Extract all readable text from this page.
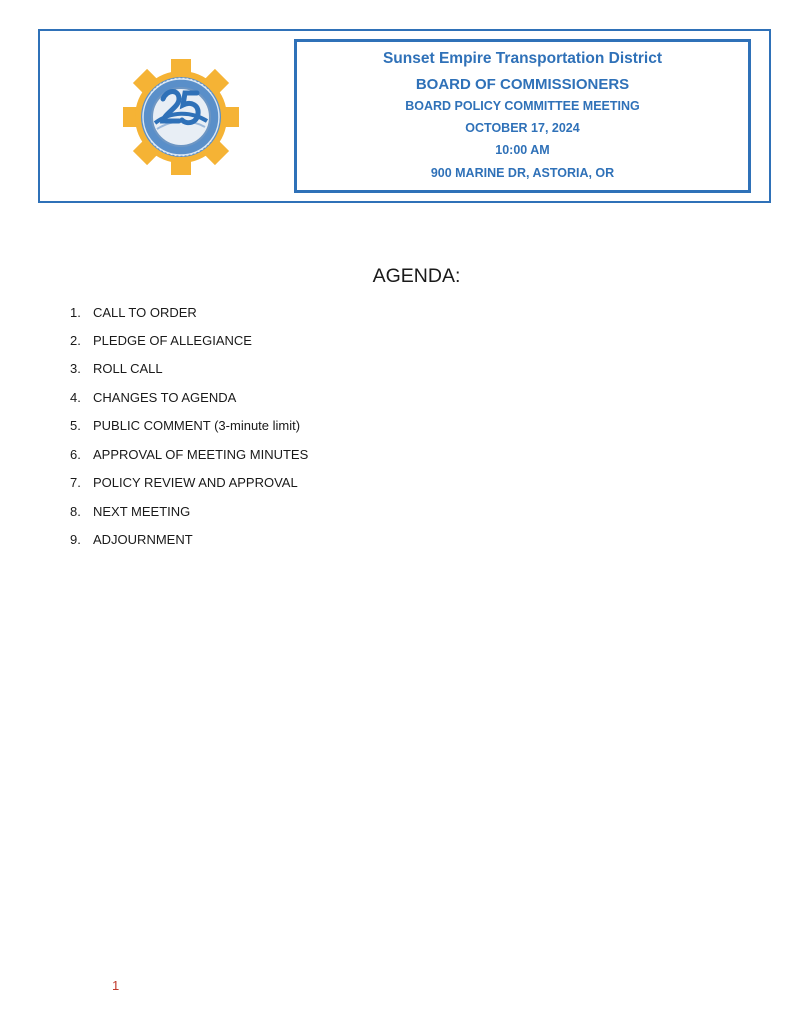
Sunset Empire Transportation District
BOARD OF COMMISSIONERS
BOARD POLICY COMMITTEE MEETING
OCTOBER 17, 2024
10:00 AM
900 MARINE DR, ASTORIA, OR
AGENDA:
1. CALL TO ORDER
2. PLEDGE OF ALLEGIANCE
3. ROLL CALL
4. CHANGES TO AGENDA
5. PUBLIC COMMENT (3-minute limit)
6. APPROVAL OF MEETING MINUTES
7. POLICY REVIEW AND APPROVAL
8. NEXT MEETING
9. ADJOURNMENT
1
